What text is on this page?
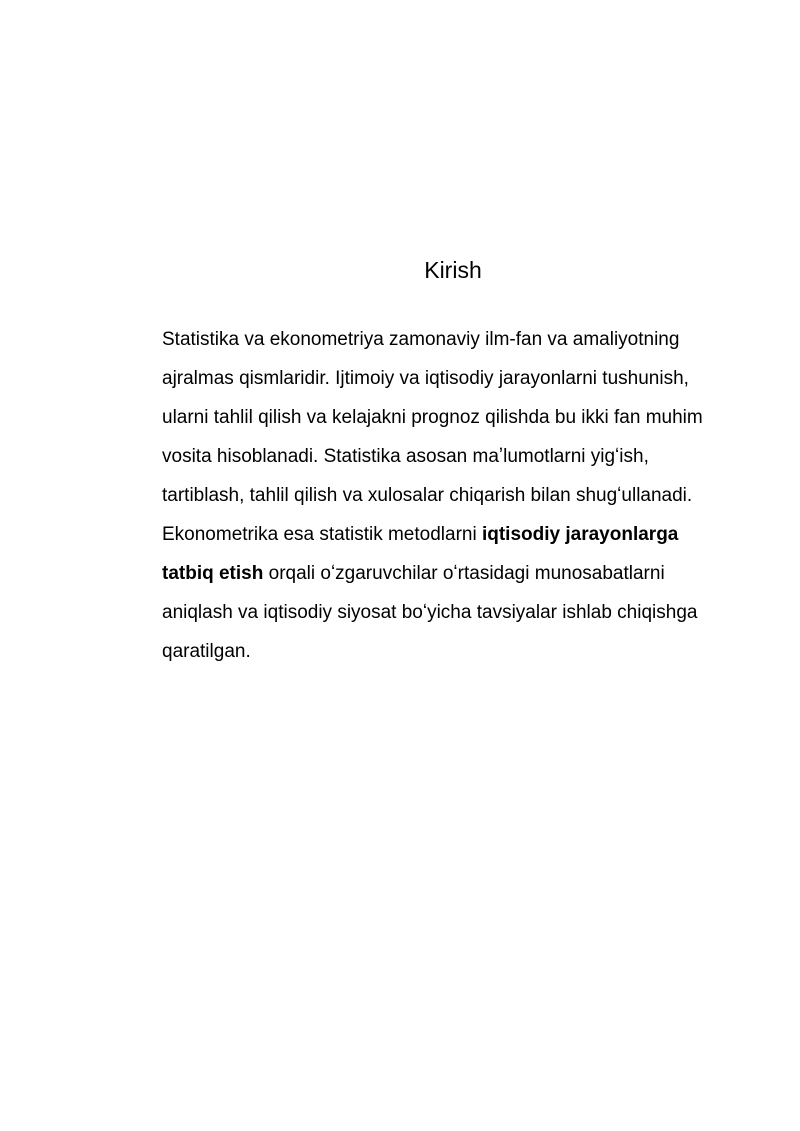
Kirish

Statistika va ekonometriya zamonaviy ilm-fan va amaliyotning
ajralmas qismlaridir. Ijtimoiy va iqtisodiy jarayonlarni tushunish,
ularni tahlil qilish va kelajakni prognoz qilishda bu ikki fan muhim
vosita hisoblanadi. Statistika asosan maʼlumotlarni yigʻish,
tartiblash, tahlil qilish va xulosalar chiqarish bilan shugʻullanadi.
Ekonometrika esa statistik metodlarni iqtisodiy jarayonlarga
tatbiq etish orqali oʻzgaruvchilar oʻrtasidagi munosabatlarni
aniqlash va iqtisodiy siyosat boʻyicha tavsiyalar ishlab chiqishga
qaratilgan.
